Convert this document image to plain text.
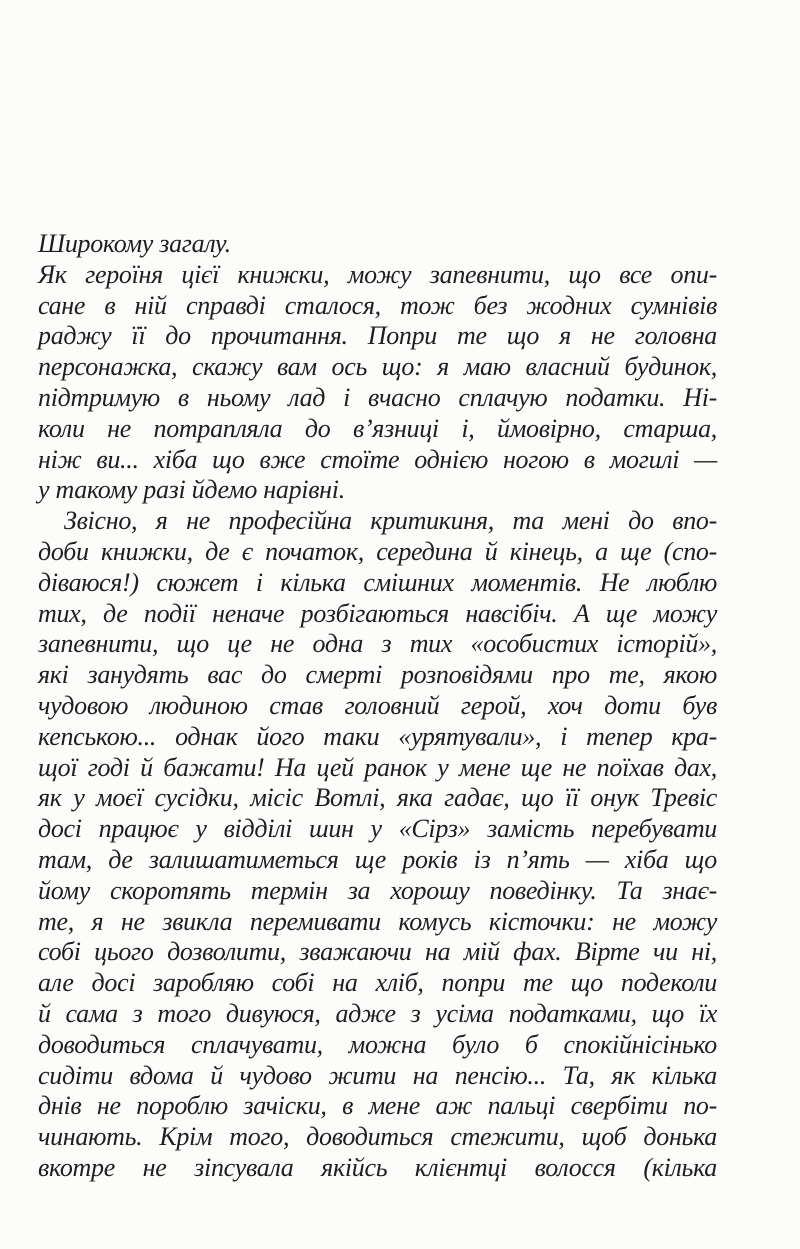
Широкому загалу.

Як героїня цієї книжки, можу запевнити, що все опи-

сане в ній справді сталося, тож без жодних сумнівів

раджу її до прочитання. Попри те що я не головна

персонажка, скажу вам ось що: я маю власний будинок,

підтримую в ньому лад і вчасно сплачую податки. Ні-

коли не потрапляла до в’язниці і, ймовірно, старша,

ніж ви... хіба що вже стоїте однією ногою в могилі —

у такому разі йдемо нарівні.

Звісно, я не професійна критикиня, та мені до впо-

доби книжки, де є початок, середина й кінець, а ще (спо-

діваюся!) сюжет і кілька смішних моментів. Не люблю

тих, де події неначе розбігаються навсібіч. А ще можу

запевнити, що це не одна з тих «особистих історій»,

які занудять вас до смерті розповідями про те, якою

чудовою людиною став головний герой, хоч доти був

кепською... однак його таки «урятували», і тепер кра-

щої годі й бажати! На цей ранок у мене ще не поїхав дах,

як у моєї сусідки, місіс Вотлі, яка гадає, що її онук Тревіс

досі працює у відділі шин у «Сірз» замість перебувати

там, де залишатиметься ще років із п’ять — хіба що

йому скоротять термін за хорошу поведінку. Та знає-

те, я не звикла перемивати комусь кісточки: не можу

собі цього дозволити, зважаючи на мій фах. Вірте чи ні,

але досі заробляю собі на хліб, попри те що подеколи

й сама з того дивуюся, адже з усіма податками, що їх

доводиться сплачувати, можна було б спокійнісінько

сидіти вдома й чудово жити на пенсію... Та, як кілька

днів не пороблю зачіски, в мене аж пальці свербіти по-

чинають. Крім того, доводиться стежити, щоб донька

вкотре не зіпсувала якійсь клієнтці волосся (кілька
